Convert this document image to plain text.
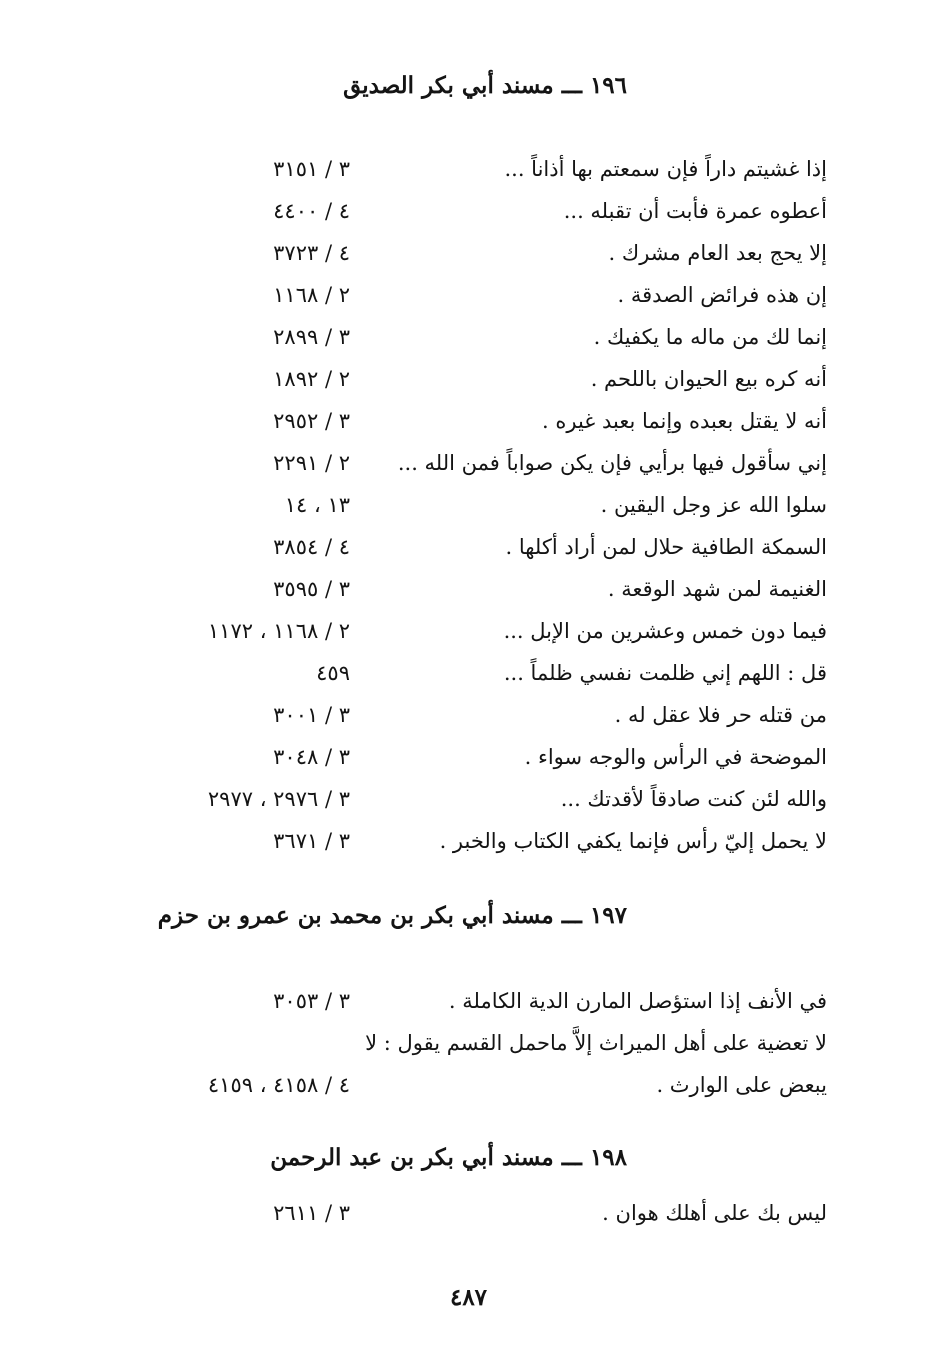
١٩٦ ـــ مسند أبي بكر الصديق
إذا غشيتم داراً فإن سمعتم بها أذاناً ...
٣ / ٣١٥١
أعطوه عمرة فأبت أن تقبله ...
٤ / ٤٤٠٠
إلا يحج بعد العام مشرك .
٤ / ٣٧٢٣
إن هذه فرائض الصدقة .
٢ / ١١٦٨
إنما لك من ماله ما يكفيك .
٣ / ٢٨٩٩
أنه كره بيع الحيوان باللحم .
٢ / ١٨٩٢
أنه لا يقتل بعبده وإنما بعبد غيره .
٣ / ٢٩٥٢
إني سأقول فيها برأيي فإن يكن صواباً فمن الله ...
٢ / ٢٢٩١
سلوا الله عز وجل اليقين .
١٣ ، ١٤
السمكة الطافية حلال لمن أراد أكلها .
٤ / ٣٨٥٤
الغنيمة لمن شهد الوقعة .
٣ / ٣٥٩٥
فيما دون خمس وعشرين من الإبل ...
٢ / ١١٦٨ ، ١١٧٢
قل : اللهم إني ظلمت نفسي ظلماً ...
٤٥٩
من قتله حر فلا عقل له .
٣ / ٣٠٠١
الموضحة في الرأس والوجه سواء .
٣ / ٣٠٤٨
والله لئن كنت صادقاً لأقدتك ...
٣ / ٢٩٧٦ ، ٢٩٧٧
لا يحمل إليّ رأس فإنما يكفي الكتاب والخبر .
٣ / ٣٦٧١
١٩٧ ـــ مسند أبي بكر بن محمد بن عمرو بن حزم
في الأنف إذا استؤصل المارن الدية الكاملة .
٣ / ٣٠٥٣
لا تعضية على أهل الميراث إلاَّ ماحمل القسم يقول : لا
يبعض على الوارث .
٤ / ٤١٥٨ ، ٤١٥٩
١٩٨ ـــ مسند أبي بكر بن عبد الرحمن
ليس بك على أهلك هوان .
٣ / ٢٦١١
٤٨٧
